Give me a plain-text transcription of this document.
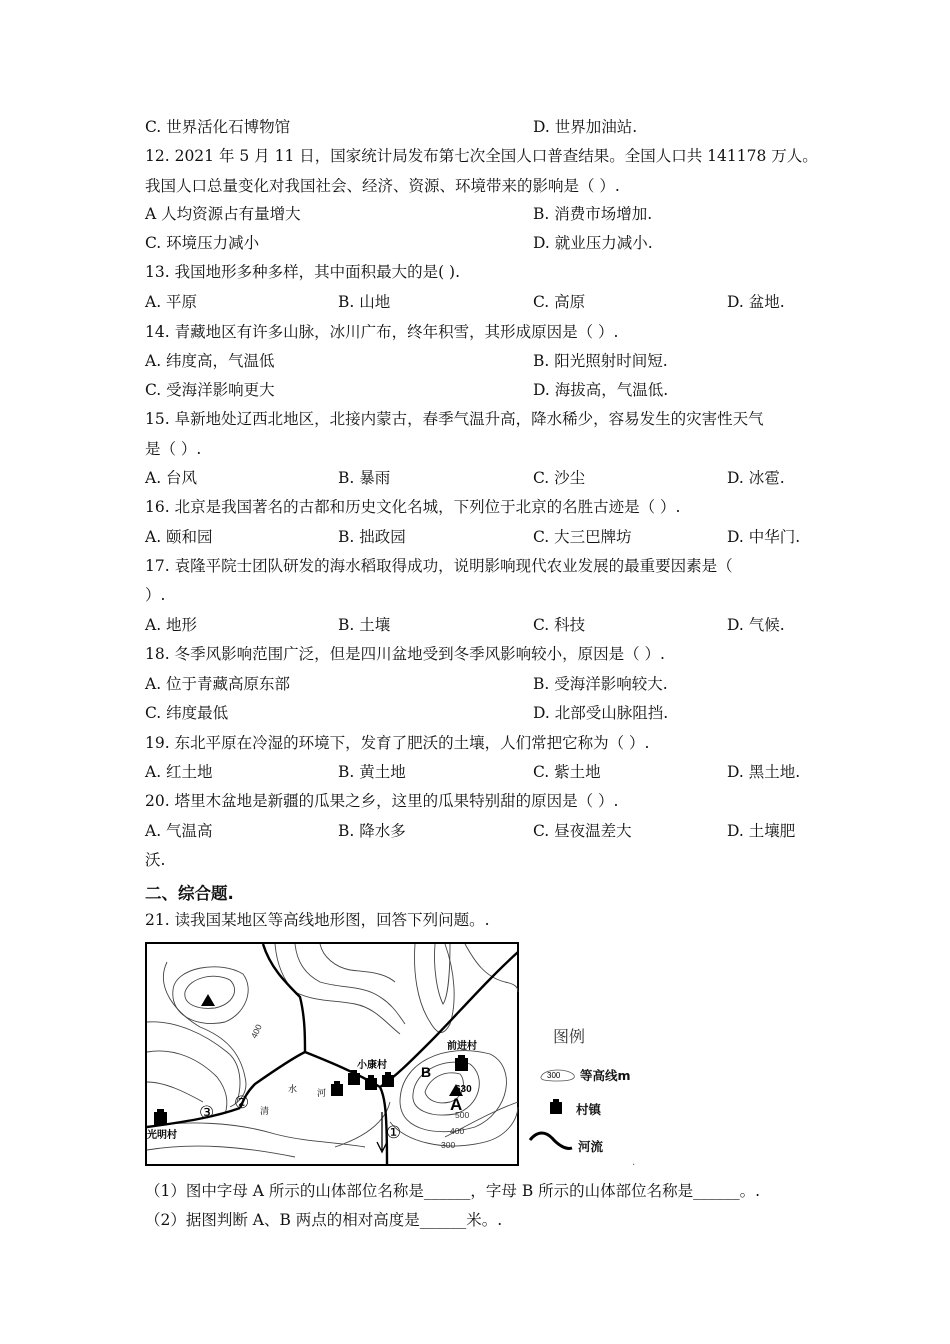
C. 世界活化石博物馆	D. 世界加油站.
12. 2021 年 5 月 11 日，国家统计局发布第七次全国人口普查结果。全国人口共 141178 万人。
我国人口总量变化对我国社会、经济、资源、环境带来的影响是（ ）.
A 人均资源占有量增大	B. 消费市场增加.
C. 环境压力减小	D. 就业压力减小.
13. 我国地形多种多样，其中面积最大的是( ).
A. 平原	B. 山地	C. 高原	D. 盆地.
14. 青藏地区有许多山脉，冰川广布，终年积雪，其形成原因是（ ）.
A. 纬度高，气温低	B. 阳光照射时间短.
C. 受海洋影响更大	D. 海拔高，气温低.
15. 阜新地处辽西北地区，北接内蒙古，春季气温升高，降水稀少，容易发生的灾害性天气
是（ ）.
A. 台风	B. 暴雨	C. 沙尘	D. 冰雹.
16. 北京是我国著名的古都和历史文化名城，下列位于北京的名胜古迹是（ ）.
A. 颐和园	B. 拙政园	C. 大三巴牌坊	D. 中华门.
17. 袁隆平院士团队研发的海水稻取得成功，说明影响现代农业发展的最重要因素是（
）.
A. 地形	B. 土壤	C. 科技	D. 气候.
18. 冬季风影响范围广泛，但是四川盆地受到冬季风影响较小，原因是（ ）.
A. 位于青藏高原东部	B. 受海洋影响较大.
C. 纬度最低	D. 北部受山脉阻挡.
19. 东北平原在冷湿的环境下，发育了肥沃的土壤，人们常把它称为（ ）.
A. 红土地	B. 黄土地	C. 紫土地	D. 黑土地.
20. 塔里木盆地是新疆的瓜果之乡，这里的瓜果特别甜的原因是（ ）.
A. 气温高	B. 降水多	C. 昼夜温差大	D. 土壤肥
沃.
二、综合题.
21. 读我国某地区等高线地形图，回答下列问题。.
前进村
小康村
光明村
清
水 河
A
B
630
400
500
400
300
①
②
③
图例
300 等高线m
村镇
河流
·
（1）图中字母 A 所示的山体部位名称是______，字母 B 所示的山体部位名称是______。.
（2）据图判断 A、B 两点的相对高度是______米。.
